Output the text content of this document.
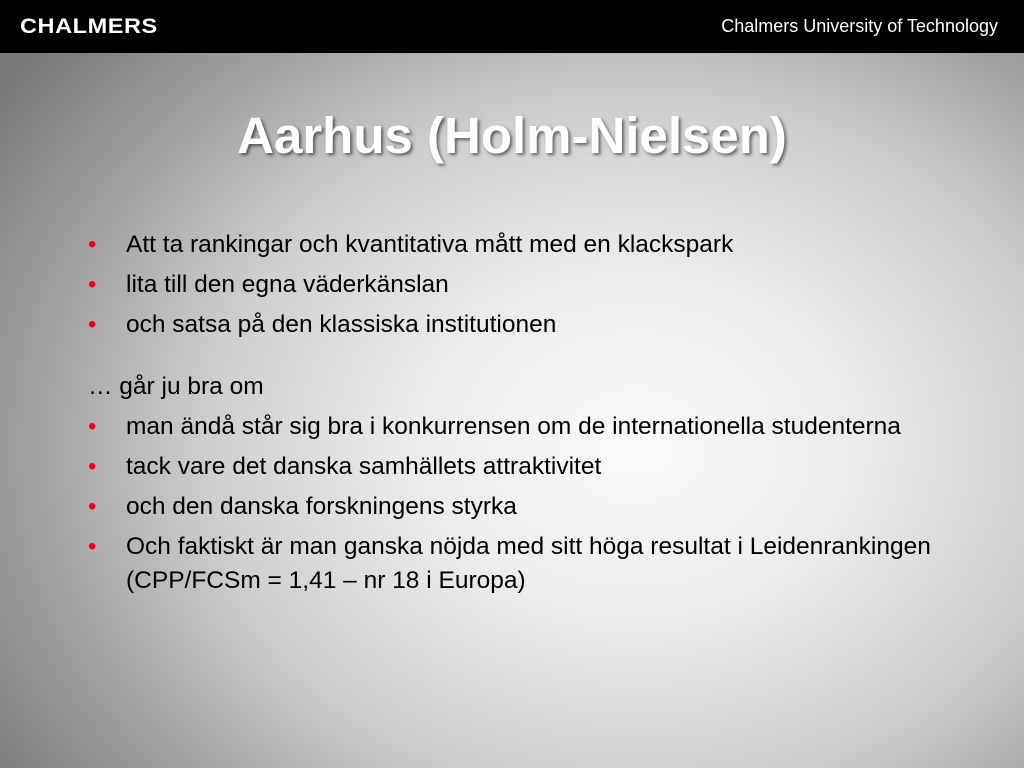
CHALMERS	Chalmers University of Technology
Aarhus (Holm-Nielsen)
• Att ta rankingar och kvantitativa mått med en klackspark
• lita till den egna väderkänslan
• och satsa på den klassiska institutionen
… går ju bra om
• man ändå står sig bra i konkurrensen om de internationella studenterna
• tack vare det danska samhällets attraktivitet
• och den danska forskningens styrka
• Och faktiskt är man ganska nöjda med sitt höga resultat i Leidenrankingen (CPP/FCSm = 1,41 – nr 18 i Europa)
